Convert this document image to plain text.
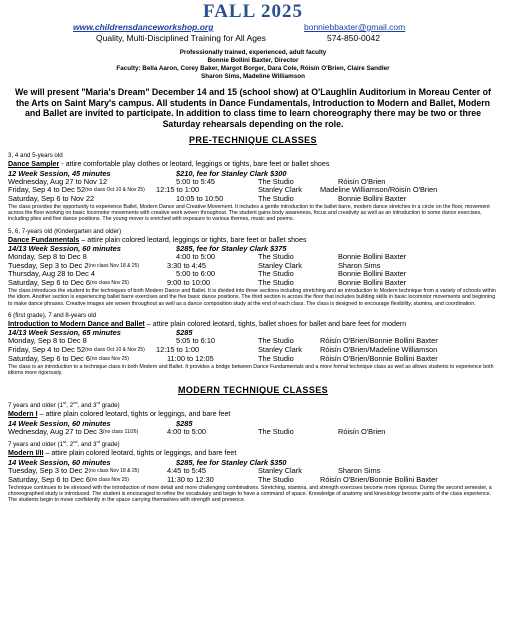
FALL 2025
www.childrensdanceworkshop.org	bonniebbaxter@gmail.com
Quality, Multi-Disciplined Training for All Ages	574-850-0042
Professionally trained, experienced, adult faculty
Bonnie Bollini Baxter, Director
Faculty: Bella Aaron, Corey Baker, Margot Borger, Dara Cole, Róisín O'Brien, Claire Sandler
Sharon Sims, Madeline Williamson
We will present "Maria's Dream" December 14 and 15 (school show) at O'Laughlin Auditorium in Moreau Center of the Arts on Saint Mary's campus. All students in Dance Fundamentals, Introduction to Modern and Ballet, Modern and Ballet are invited to participate. In addition to class time to learn choreography there may be two or three Saturday rehearsals depending on the role.
PRE-TECHNIQUE CLASSES
3, 4 and 5-years old
Dance Sampler - attire comfortable play clothes or leotard, leggings or tights, bare feet or ballet shoes
12 Week Session, 45 minutes	$210, fee for Stanley Clark $300
Wednesday, Aug 27 to Nov 12	5:00 to 5:45	The Studio	Róisín O'Brien
Friday, Sep 4 to Dec 52 (no class Oct 10 & Nov 25) 12:15 to 1:00	Stanley Clark Madeline Williamson/Róisín O'Brien
Saturday, Sep 6 to Nov 22	10:05 to 10:50	The Studio	Bonnie Bollini Baxter
The class provides the opportunity to experience Ballet, Modern Dance and Creative Movement. It includes a gentle introduction to the ballet barre, modern dance stretches in a circle on the floor, movement across the floor working on basic locomotor movements with creative work woven throughout. The student gains body awareness, focus and creativity as well as an introduction to some dance exercises, including plies and five dance positions. The young mover is enriched with exposure to various themes, music and poems.
5, 6, 7-years old (Kindergarten and older)
Dance Fundamentals – attire plain colored leotard, leggings or tights, bare feet or ballet shoes
14/13 Week Session, 60 minutes	$285, fee for Stanley Clark $375
Monday, Sep 8 to Dec 8	4:00 to 5:00	The Studio	Bonnie Bollini Baxter
Tuesday, Sep 3 to Dec 2 (no class Nov 18 & 25)	3:30 to 4:45	Stanley Clark	Sharon Sims
Thursday, Aug 28 to Dec 4	5:00 to 6:00	The Studio	Bonnie Bollini Baxter
Saturday, Sep 6 to Dec 6 (no class Nov 25)	9:00 to 10:00	The Studio	Bonnie Bollini Baxter
The class introduces the student to the techniques of both Modern Dance and Ballet. It is divided into three sections including stretching and an introduction to Modern technique from a variety of schools within the idiom. Another section is experiencing ballet barre exercises and the five basic dance positions. The third section is across the floor that includes building skills in basic locomotor movements and beginning to make dance phrases. Creative images are woven throughout as well as a dance composition study at the end of each class. The class is designed to encourage flexibility, stamina, and coordination.
6 (first grade), 7 and 8-years old
Introduction to Modern Dance and Ballet – attire plain colored leotard, tights, ballet shoes for ballet and bare feet for modern
14/13 Week Session, 65 minutes	$285
Monday, Sep 8 to Dec 8	5:05 to 6:10	The Studio	Róisín O'Brien/Bonnie Bollini Baxter
Friday, Sep 4 to Dec 52 (no class Oct 10 & Nov 25) 12:15 to 1:00	Stanley Clark Róisín O'Brien/Madeline Williamson
Saturday, Sep 6 to Dec 6 (no class Nov 25)	11:00 to 12:05	The Studio	Róisín O'Brien/Bonnie Bollini Baxter
The class is an introduction to a technique class in both Modern and Ballet. It provides a bridge between Dance Fundamentals and a more formal technique class as well as allows students to experience both idioms more rigorously.
MODERN TECHNIQUE CLASSES
7 years and older (1st, 2nd, and 3rd grade)
Modern I – attire plain colored leotard, tights or leggings, and bare feet
14 Week Session, 60 minutes	$285
Wednesday, Aug 27 to Dec 3 (no class 11/26)	4:00 to 5:00	The Studio	Róisín O'Brien
7 years and older (1st, 2nd, and 3rd grade)
Modern I/II – attire plain colored leotard, tights or leggings, and bare feet
14 Week Session, 60 minutes	$285, fee for Stanley Clark $350
Tuesday, Sep 3 to Dec 2 (no class Nov 18 & 25)	4:45 to 5:45	Stanley Clark	Sharon Sims
Saturday, Sep 6 to Dec 6 (no class Nov 25)	11:30 to 12:30	The Studio	Róisín O'Brien/Bonnie Bollini Baxter
Technique continues to be stressed with the introduction of more detail and more challenging combinations. Stretching, stamina, and strength exercises become more rigorous. During the second semester, a choreographed study is introduced. The student is encouraged to refine the vocabulary and begin to have a command of space. Knowledge of anatomy and kinesiology become parts of the class experience. The students begin to move confidently in the space carrying themselves with strength and presence.
